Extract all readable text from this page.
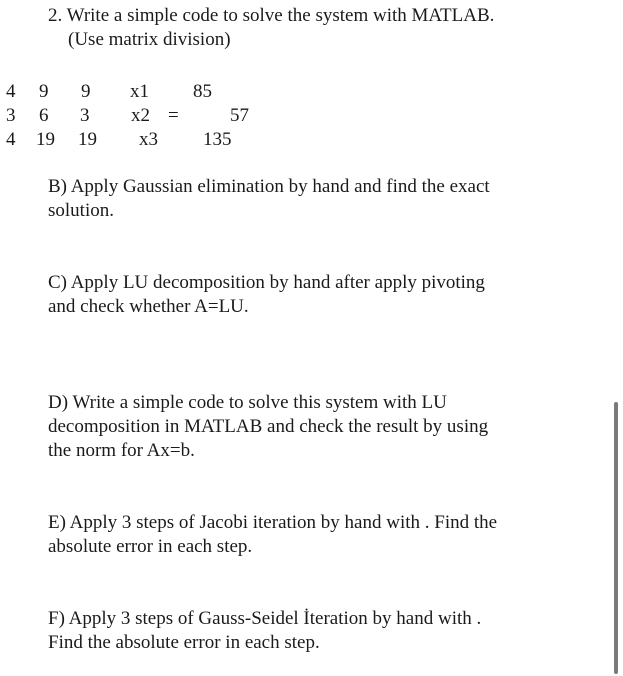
2. Write a simple code to solve the system with MATLAB.
(Use matrix division)
4 9 9
3 6 3
4 19 19
x1
x2
x3
=
85
57
135
B) Apply Gaussian elimination by hand and find the exact
solution.
C) Apply LU decomposition by hand after apply pivoting
and check whether A=LU.
D) Write a simple code to solve this system with LU
decomposition in MATLAB and check the result by using
the norm for Ax=b.
E) Apply 3 steps of Jacobi iteration by hand with . Find the
absolute error in each step.
F) Apply 3 steps of Gauss-Seidel İteration by hand with .
Find the absolute error in each step.
